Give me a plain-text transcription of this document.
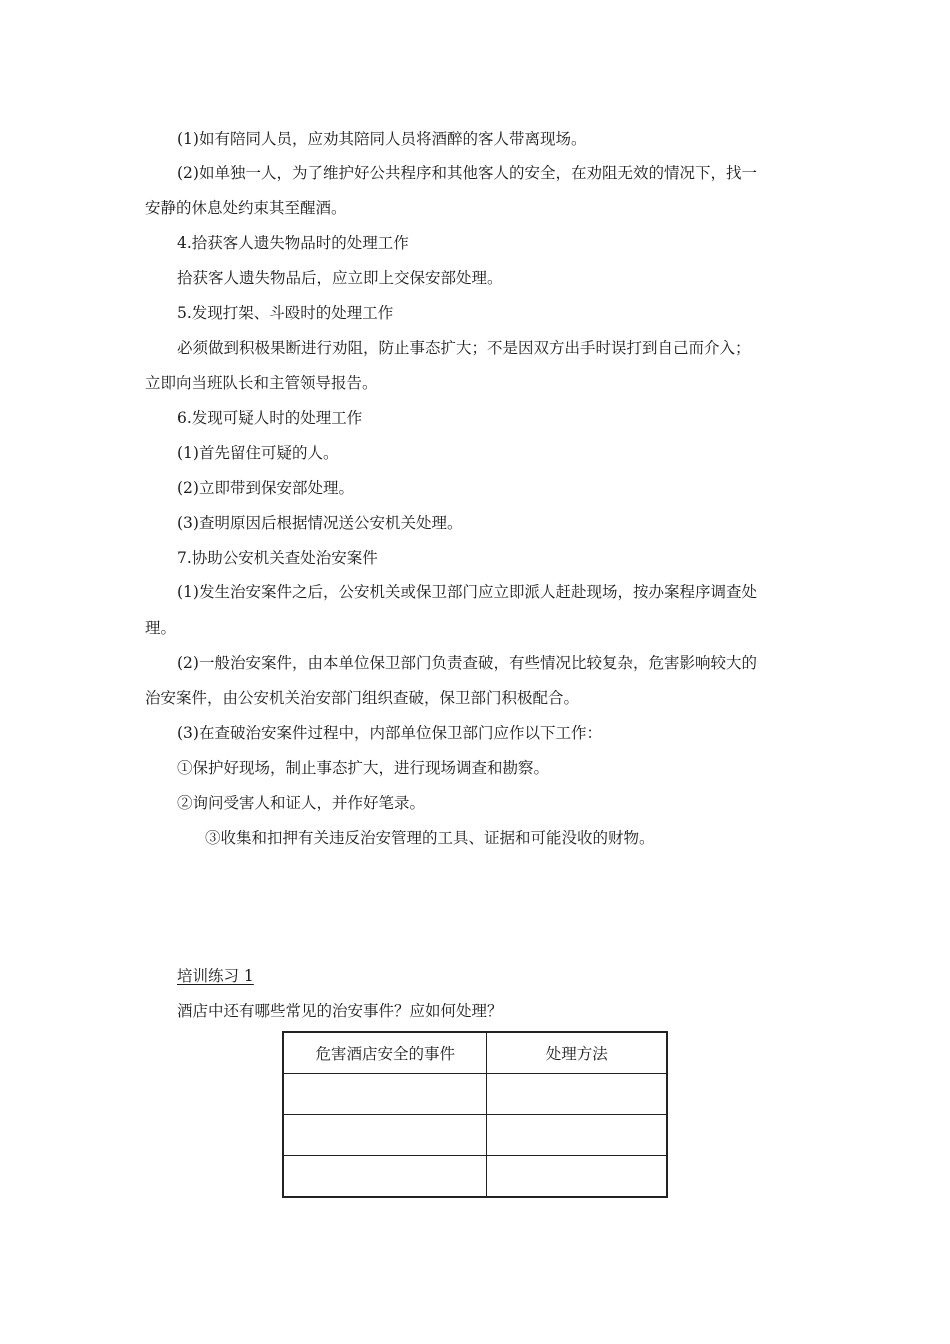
(1)如有陪同人员，应劝其陪同人员将酒醉的客人带离现场。
(2)如单独一人，为了维护好公共程序和其他客人的安全，在劝阻无效的情况下，找一
安静的休息处约束其至醒酒。
4.拾获客人遗失物品时的处理工作
拾获客人遗失物品后，应立即上交保安部处理。
5.发现打架、斗殴时的处理工作
必须做到积极果断进行劝阻，防止事态扩大；不是因双方出手时误打到自己而介入；
立即向当班队长和主管领导报告。
6.发现可疑人时的处理工作
(1)首先留住可疑的人。
(2)立即带到保安部处理。
(3)查明原因后根据情况送公安机关处理。
7.协助公安机关查处治安案件
(1)发生治安案件之后，公安机关或保卫部门应立即派人赶赴现场，按办案程序调查处
理。
(2)一般治安案件，由本单位保卫部门负责查破，有些情况比较复杂，危害影响较大的
治安案件，由公安机关治安部门组织查破，保卫部门积极配合。
(3)在查破治安案件过程中，内部单位保卫部门应作以下工作：
①保护好现场，制止事态扩大，进行现场调查和勘察。
②询问受害人和证人，并作好笔录。
③收集和扣押有关违反治安管理的工具、证据和可能没收的财物。
培训练习 1
酒店中还有哪些常见的治安事件？应如何处理？
危害酒店安全的事件	处理方法
